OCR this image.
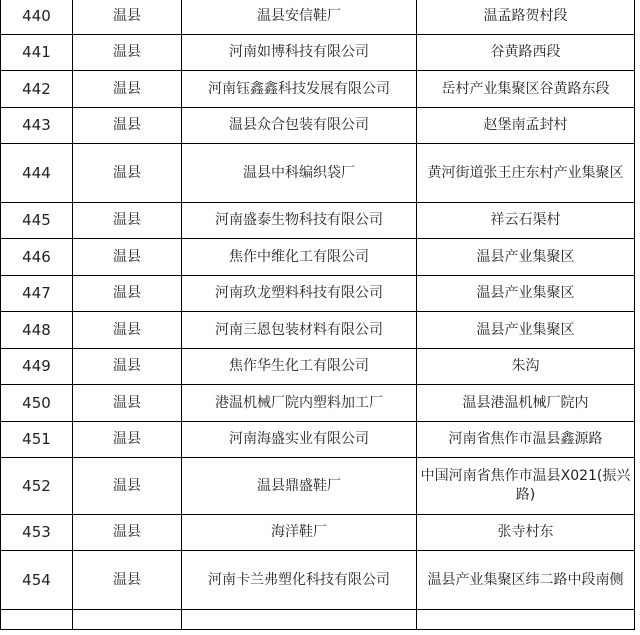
440	温县	温县安信鞋厂	温孟路贺村段
441	温县	河南如博科技有限公司	谷黄路西段
442	温县	河南钰鑫鑫科技发展有限公司	岳村产业集聚区谷黄路东段
443	温县	温县众合包装有限公司	赵堡南孟封村
444	温县	温县中科编织袋厂	黄河街道张王庄东村产业集聚区
445	温县	河南盛泰生物科技有限公司	祥云石渠村
446	温县	焦作中维化工有限公司	温县产业集聚区
447	温县	河南玖龙塑料科技有限公司	温县产业集聚区
448	温县	河南三恩包装材料有限公司	温县产业集聚区
449	温县	焦作华生化工有限公司	朱沟
450	温县	港温机械厂院内塑料加工厂	温县港温机械厂院内
451	温县	河南海盛实业有限公司	河南省焦作市温县鑫源路
452	温县	温县鼎盛鞋厂	中国河南省焦作市温县X021(振兴路)
453	温县	海洋鞋厂	张寺村东
454	温县	河南卡兰弗塑化科技有限公司	温县产业集聚区纬二路中段南侧
